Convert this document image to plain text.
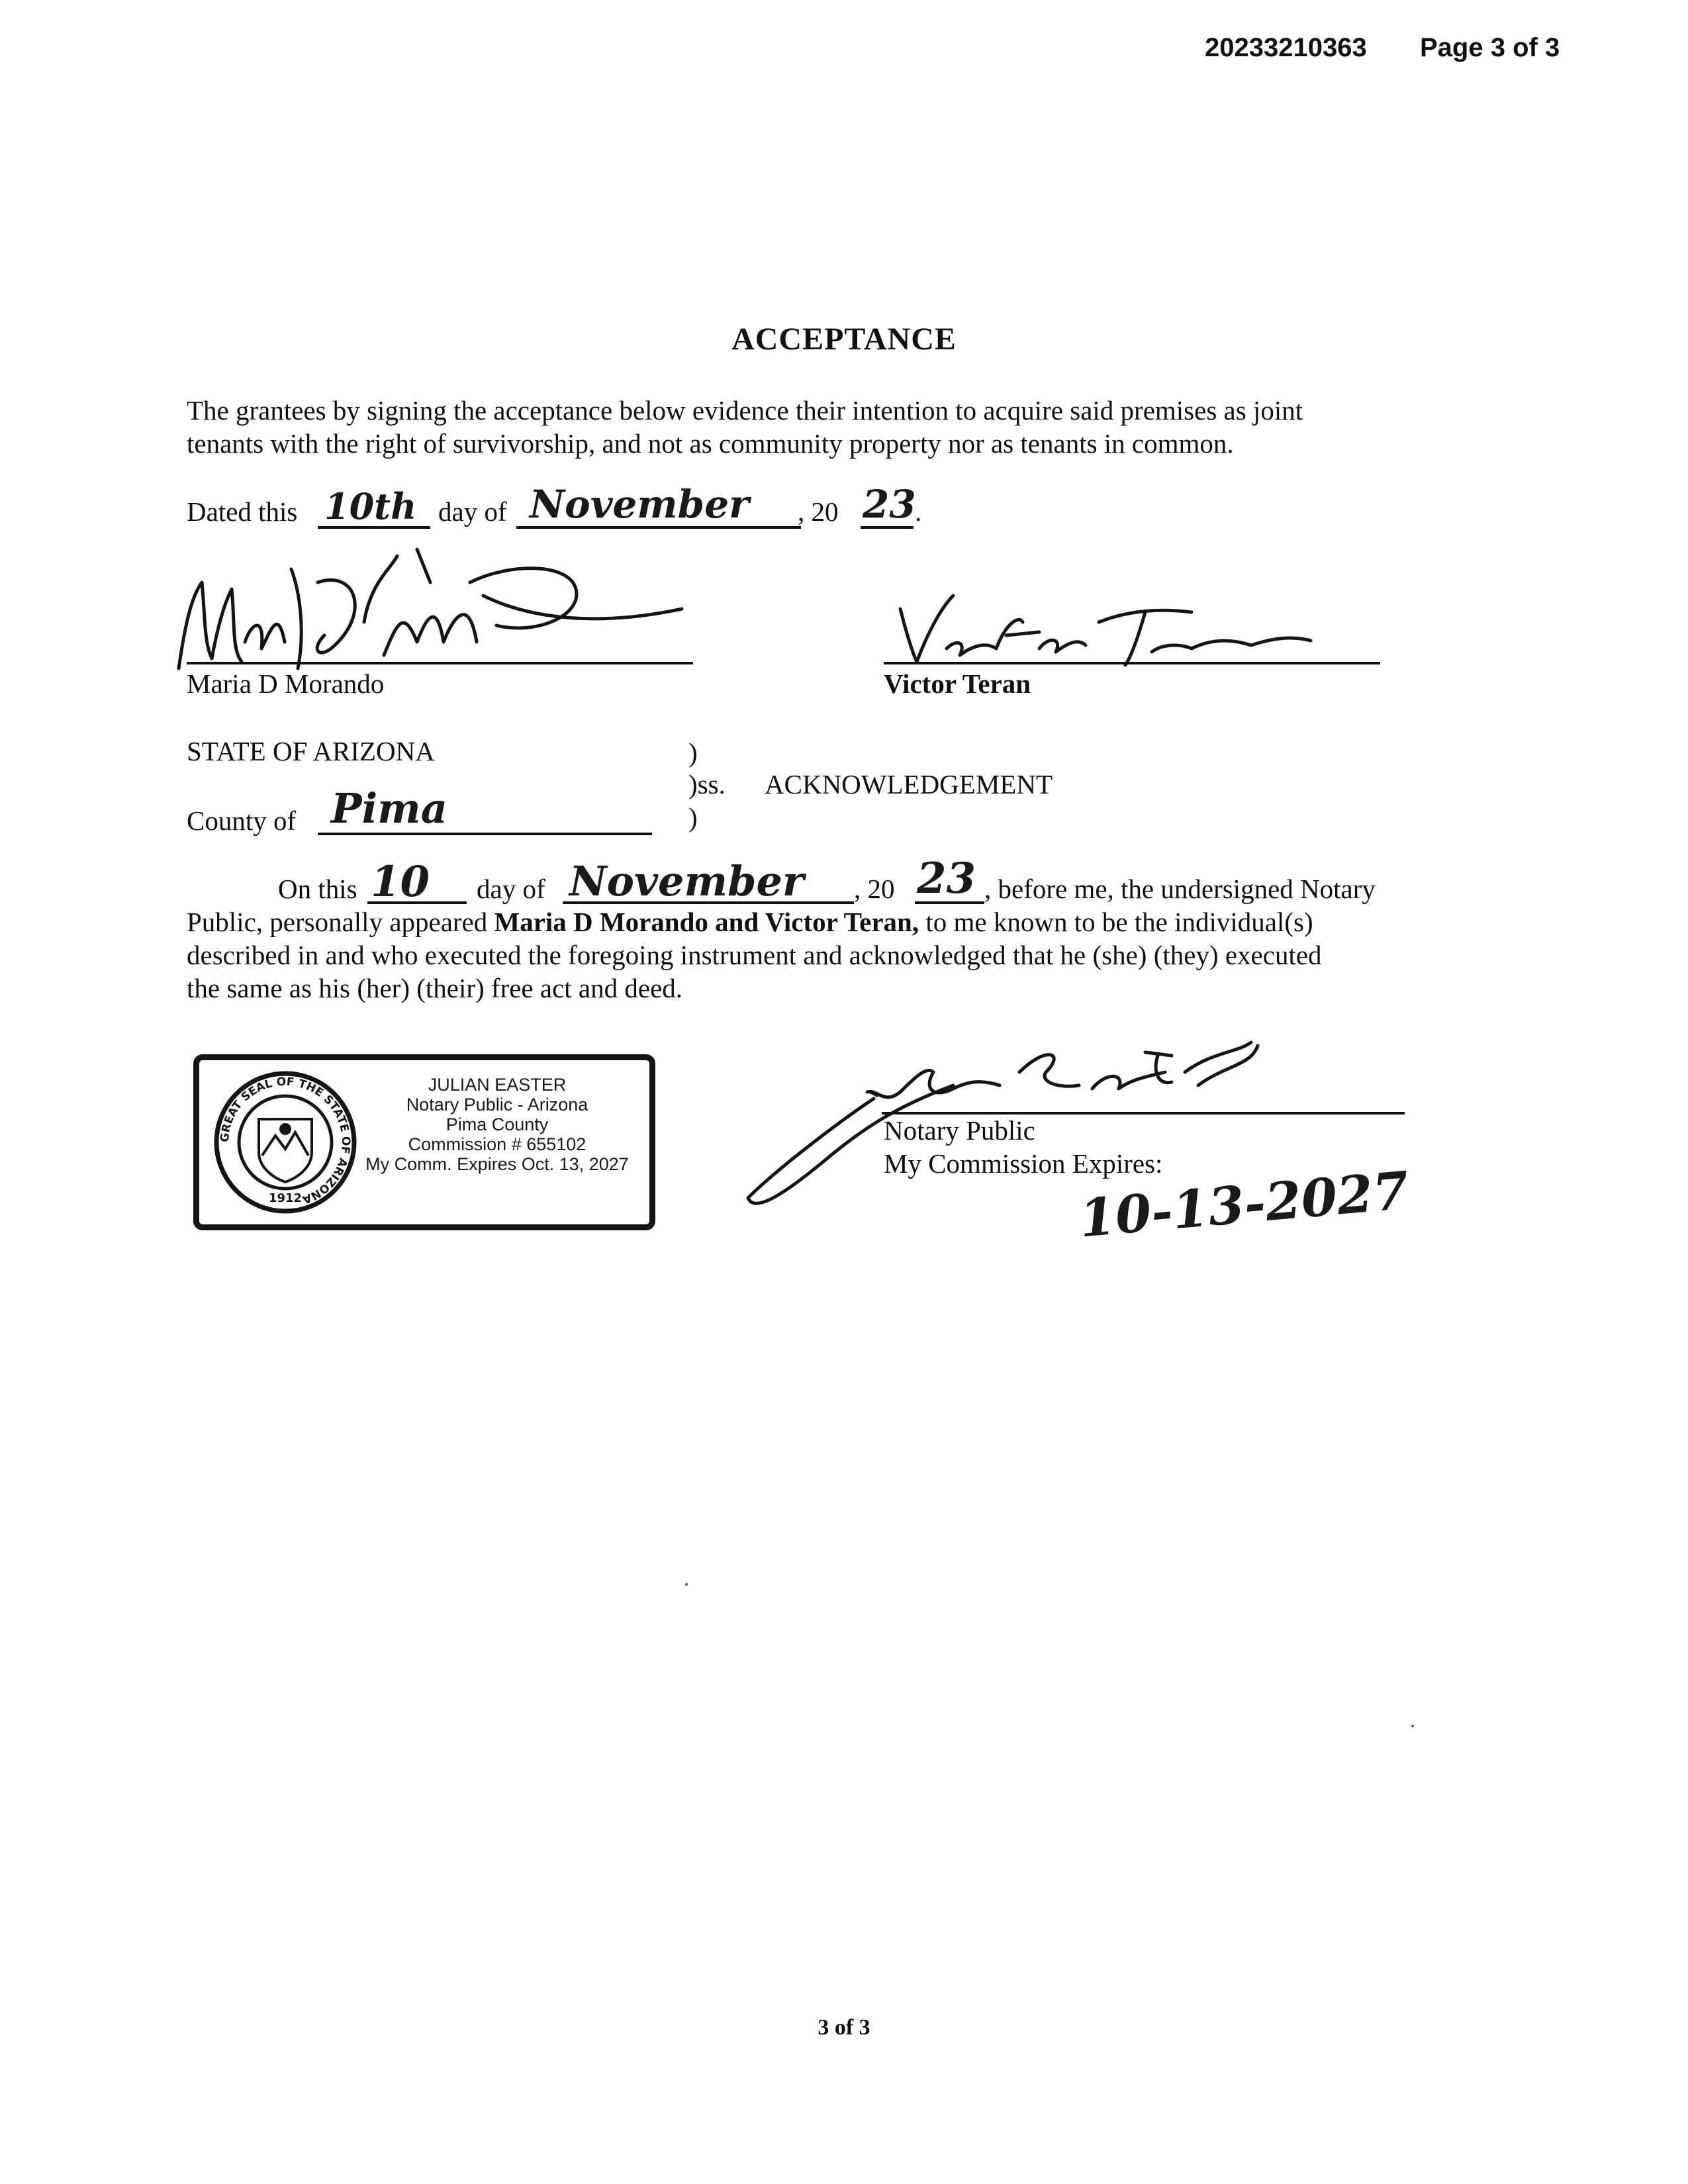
20233210363 Page 3 of 3
ACCEPTANCE
The grantees by signing the acceptance below evidence their intention to acquire said premises as joint
tenants with the right of survivorship, and not as community property nor as tenants in common.
Dated this 10th day of November , 20 23
.
Maria D Morando	Victor Teran
STATE OF ARIZONA	)
)ss. ACKNOWLEDGEMENT
)
County of Pima
On this 10 day of November , 20 23 , before me, the undersigned Notary
Public, personally appeared Maria D Morando and Victor Teran, to me known to be the individual(s)
described in and who executed the foregoing instrument and acknowledged that he (she) (they) executed
the same as his (her) (their) free act and deed.
GREAT SEAL OF THE STATE OF ARIZONA
1912
JULIAN EASTER
Notary Public - Arizona
Pima County
Commission # 655102
My Comm. Expires Oct. 13, 2027
Notary Public
My Commission Expires:
10-13-2027
3 of 3
